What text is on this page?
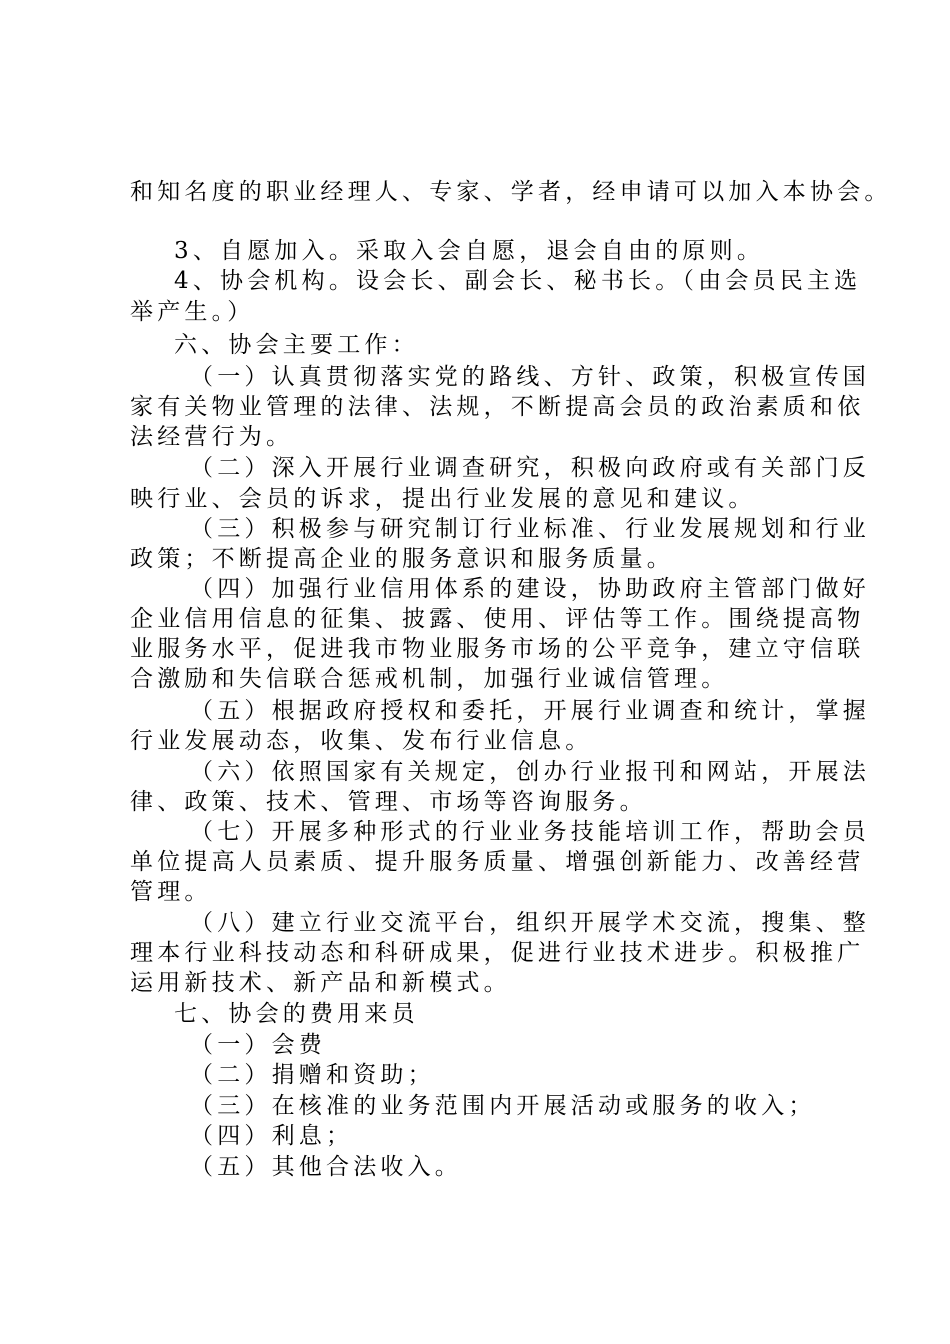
和知名度的职业经理人、专家、学者，经申请可以加入本协会。

3、自愿加入。采取入会自愿，退会自由的原则。

4、协会机构。设会长、副会长、秘书长。（由会员民主选

举产生。）

六、协会主要工作：

（一）认真贯彻落实党的路线、方针、政策，积极宣传国

家有关物业管理的法律、法规，不断提高会员的政治素质和依

法经营行为。

（二）深入开展行业调查研究，积极向政府或有关部门反

映行业、会员的诉求，提出行业发展的意见和建议。

（三）积极参与研究制订行业标准、行业发展规划和行业

政策；不断提高企业的服务意识和服务质量。

（四）加强行业信用体系的建设，协助政府主管部门做好

企业信用信息的征集、披露、使用、评估等工作。围绕提高物

业服务水平，促进我市物业服务市场的公平竞争，建立守信联

合激励和失信联合惩戒机制，加强行业诚信管理。

（五）根据政府授权和委托，开展行业调查和统计，掌握

行业发展动态，收集、发布行业信息。

（六）依照国家有关规定，创办行业报刊和网站，开展法

律、政策、技术、管理、市场等咨询服务。

（七）开展多种形式的行业业务技能培训工作，帮助会员

单位提高人员素质、提升服务质量、增强创新能力、改善经营

管理。

（八）建立行业交流平台，组织开展学术交流，搜集、整

理本行业科技动态和科研成果，促进行业技术进步。积极推广

运用新技术、新产品和新模式。

七、协会的费用来员

（一）会费

（二）捐赠和资助；

（三）在核准的业务范围内开展活动或服务的收入；

（四）利息；

（五）其他合法收入。
